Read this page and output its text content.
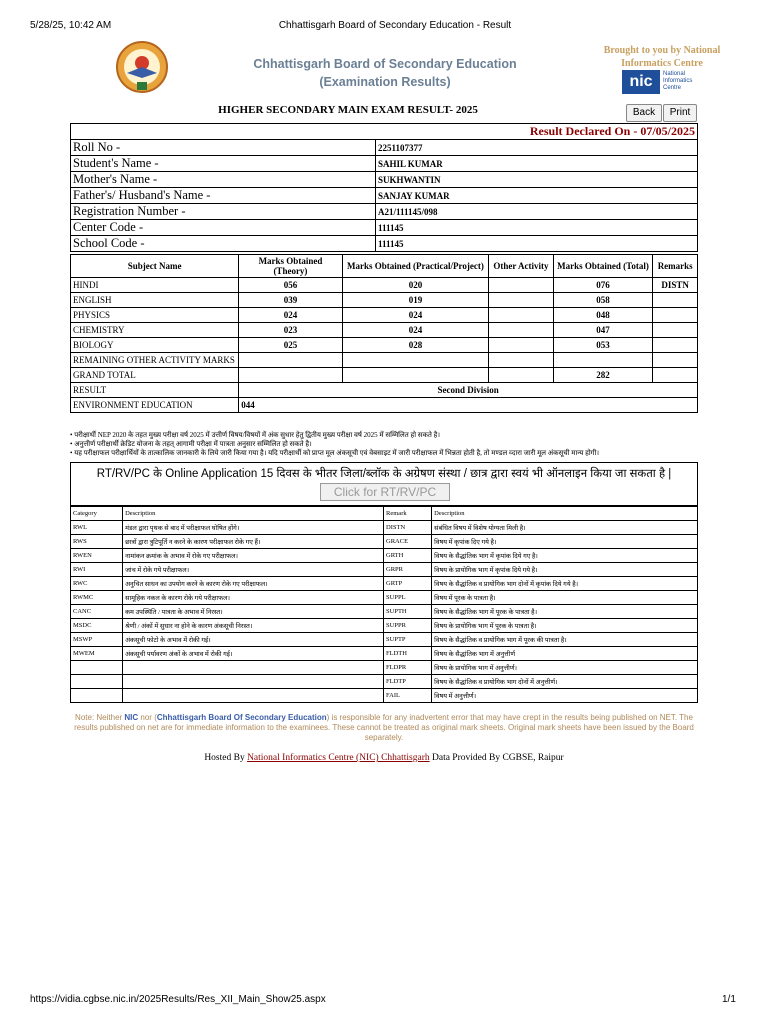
5/28/25, 10:42 AM	Chhattisgarh Board of Secondary Education - Result
Chhattisgarh Board of Secondary Education
(Examination Results)
Brought to you by National Informatics Centre
nic	National
Informatics
Centre
HIGHER SECONDARY MAIN EXAM RESULT- 2025	Back	Print
Result Declared On - 07/05/2025	
Roll No -	2251107377
Student's Name -	SAHIL KUMAR
Mother's Name -	SUKHWANTIN
Father's/ Husband's Name -	SANJAY KUMAR
Registration Number -	A21/111145/098
Center Code -	111145
School Code -	111145
Subject Name	Marks Obtained (Theory)	Marks Obtained (Practical/Project)	Other Activity	Marks Obtained (Total)	Remarks
HINDI	056	020		076	DISTN
ENGLISH	039	019		058	
PHYSICS	024	024		048	
CHEMISTRY	023	024		047	
BIOLOGY	025	028		053	
REMAINING OTHER ACTIVITY MARKS					
GRAND TOTAL				282	
RESULT	Second Division				
ENVIRONMENT EDUCATION	044				
• परीक्षार्थी NEP 2020 के तहत मुख्य परीक्षा वर्ष 2025 में उत्तीर्ण विषय/विषयों में अंक सुधार हेतु द्वितीय मुख्य परीक्षा वर्ष 2025 में सम्मिलित हो सकते है।
• अनुत्तीर्ण परीक्षार्थी क्रेडिट योजना के तहत् आगामी परीक्षा में पात्रता अनुसार सम्मिलित हो सकते है।
• यह परीक्षाफल परीक्षार्थियों के तात्कालिक जानकारी के लिये जारी किया गया है। यदि परीक्षार्थी को प्राप्त मूल अंकसूची एवं वेबसाइट में जारी परीक्षाफल में भिन्नता होती है, तो मण्डल व्दारा जारी मूल अंकसूची मान्य होगी।
RT/RV/PC के Online Application 15 दिवस के भीतर जिला/ब्लॉक के अग्रेषण संस्था / छात्र द्वारा स्वयं भी ऑनलाइन किया जा सकता है |
Click for RT/RV/PC
Category	Description	Remark	Description
RWL	मंडल द्वारा पृथक से बाद में परीक्षाफल घोषित होंगे।	DISTN	संबंधित विषय में विशेष योग्यता मिली है।
RWS	छात्रों द्वारा त्रुटिपूर्ति न करने के कारण परीक्षाफल रोके गए हैं।	GRACE	विषय में कृपांक दिए गये है।
RWEN	नामांकन क्रमांक के अभाव में रोके गए परीक्षाफल।	GRTH	विषय के सैद्धांतिक भाग में कृपांक दिये गए है।
RWI	जांच में रोके गये परीक्षाफल।	GRPR	विषय के प्रायोगिक भाग में कृपांक दिये गये है।
RWC	अनुचित साधन का उपयोग करने के कारण रोके गए परीक्षाफल।	GRTP	विषय के सैद्धांतिक व प्रायोगिक भाग दोनों में कृपांक दिये गये है।
RWMC	सामूहिक नकल के कारण रोके गये परीक्षाफल।	SUPPL	विषय में पूरक के पात्रता है।
CANC	कम उपस्थिति / पात्रता के अभाव में निरस्त।	SUPTH	विषय के सैद्धांतिक भाग में पूरक के पात्रता है।
MSDC	श्रेणी / अंकों में सुधार ना होने के कारण अंकसूची निरस्त।	SUPPR	विषय के प्रायोगिक भाग में पूरक के पात्रता है।
MSWP	अंकसूची फोटो के अभाव में रोकी गई।	SUPTP	विषय के सैद्धांतिक व प्रायोगिक भाग में पूरक की पात्रता है।
MWEM	अंकसूची पर्यावरण अंकों के अभाव में रोकी गई।	FLDTH	विषय के सैद्धांतिक भाग में अनुत्तीर्ण
		FLDPR	विषय के प्रायोगिक भाग में अनुत्तीर्ण।
		FLDTP	विषय के सैद्धांतिक व प्रायोगिक भाग दोनों में अनुत्तीर्ण।
		FAIL	विषय में अनुत्तीर्ण।
Note: Neither NIC nor (Chhattisgarh Board Of Secondary Education) is responsible for any inadvertent error that may have crept in the results being published on NET. The results published on net are for immediate information to the examinees. These cannot be treated as original mark sheets. Original mark sheets have been issued by the Board separately.
Hosted By National Informatics Centre (NIC) Chhattisgarh Data Provided By CGBSE, Raipur
https://vidia.cgbse.nic.in/2025Results/Res_XII_Main_Show25.aspx	1/1
